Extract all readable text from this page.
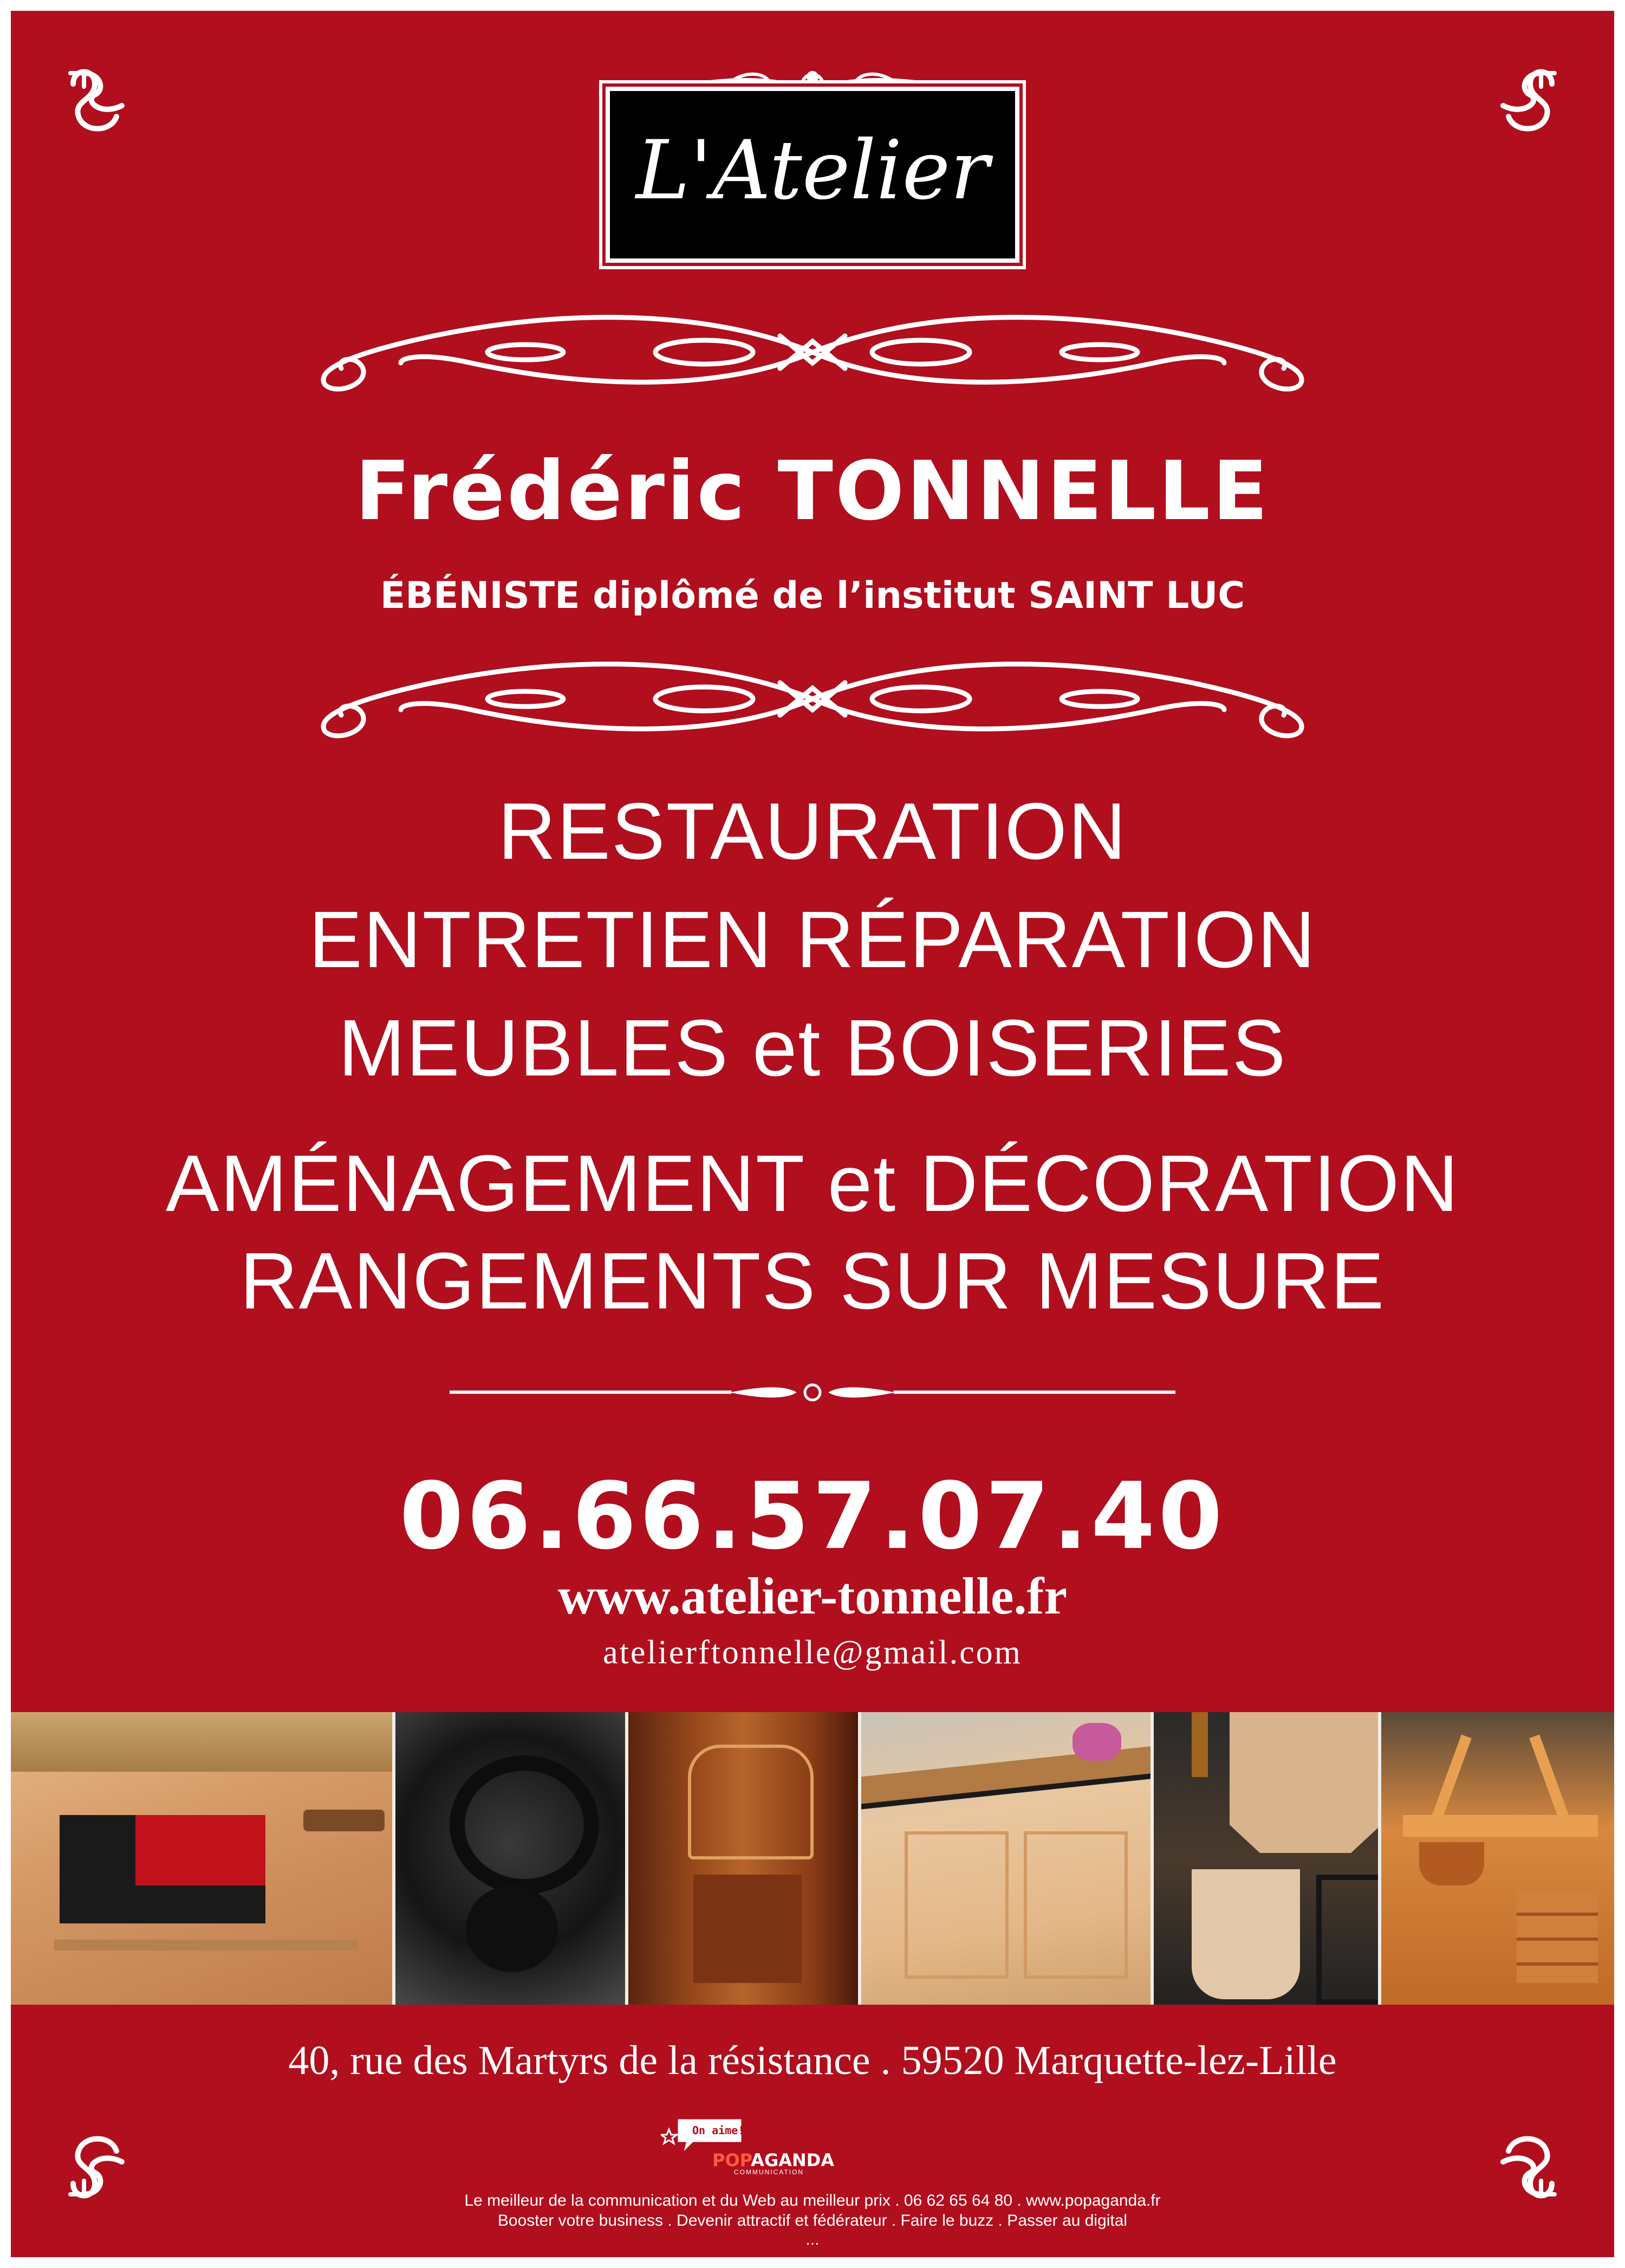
L'Atelier
Frédéric TONNELLE
ÉBÉNISTE diplômé de l’institut SAINT LUC
RESTAURATION
ENTRETIEN RÉPARATION
MEUBLES et BOISERIES
AMÉNAGEMENT et DÉCORATION
RANGEMENTS SUR MESURE
06.66.57.07.40
www.atelier-tonnelle.fr
atelierftonnelle@gmail.com
40, rue des Martyrs de la résistance . 59520 Marquette-lez-Lille
On aime!
POPAGANDA
COMMUNICATION
Le meilleur de la communication et du Web au meilleur prix . 06 62 65 64 80 . www.popaganda.fr
Booster votre business . Devenir attractif et fédérateur . Faire le buzz . Passer au digital
...
